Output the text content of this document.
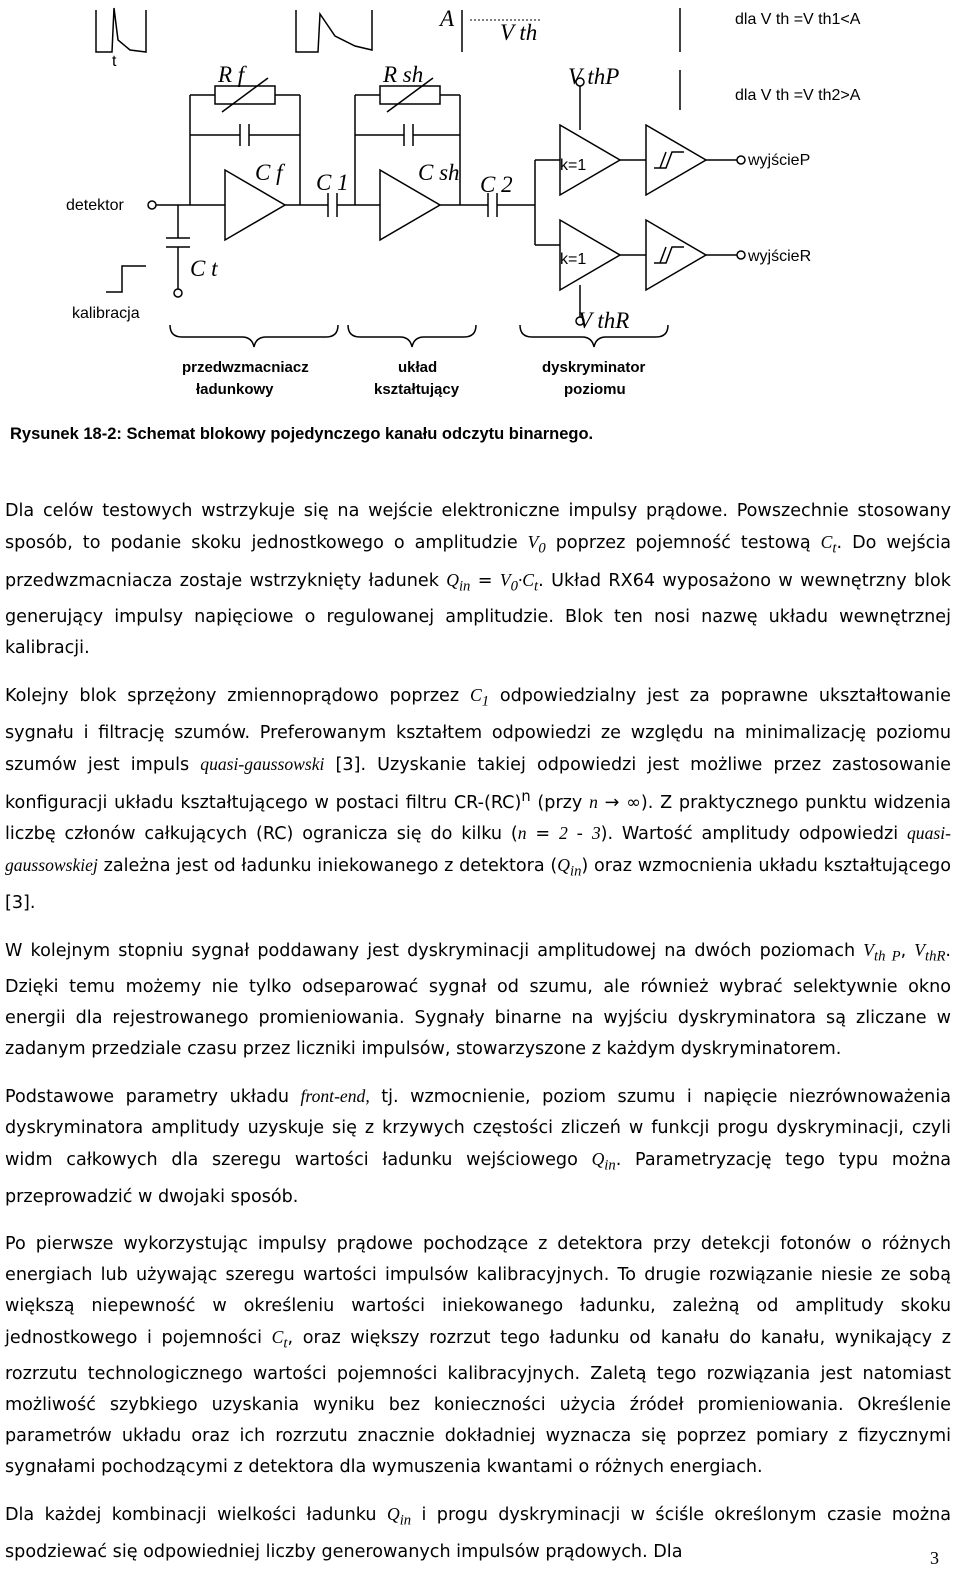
t
A
V th
dla V th =V th1<A
dla V th =V th2>A
R f	R sh	V thP
C f C 1	C sh C 2
C t
k=1
k=1
V thR
detektor
kalibracja
wyjścieP
wyjścieR
przedwzmacniacz
ładunkowy
układ
kształtujący
dyskryminator
poziomu
Rysunek 18-2: Schemat blokowy pojedynczego kanału odczytu binarnego.

Dla celów testowych wstrzykuje się na wejście elektroniczne impulsy prądowe. Powszechnie stosowany sposób, to podanie skoku jednostkowego o amplitudzie $V_0$ poprzez pojemność testową $C_t$. Do wejścia przedwzmacniacza zostaje wstrzyknięty ładunek $Q_{in} = V_0\cdot C_t$. Układ RX64 wyposażono w wewnętrzny blok generujący impulsy napięciowe o regulowanej amplitudzie. Blok ten nosi nazwę układu wewnętrznej kalibracji.

Kolejny blok sprzężony zmiennoprądowo poprzez $C_1$ odpowiedzialny jest za poprawne ukształtowanie sygnału i filtrację szumów. Preferowanym kształtem odpowiedzi ze względu na minimalizację poziomu szumów jest impuls quasi-gaussowski [3]. Uzyskanie takiej odpowiedzi jest możliwe przez zastosowanie konfiguracji układu kształtującego w postaci filtru CR-(RC)$^n$ (przy n → ∞). Z praktycznego punktu widzenia liczbę członów całkujących (RC) ogranicza się do kilku (n = 2 - 3). Wartość amplitudy odpowiedzi quasi-gaussowskiej zależna jest od ładunku iniekowanego z detektora $(Q_{in})$ oraz wzmocnienia układu kształtującego [3].

W kolejnym stopniu sygnał poddawany jest dyskryminacji amplitudowej na dwóch poziomach $V_{th P}$, $V_{thR}$. Dzięki temu możemy nie tylko odseparować sygnał od szumu, ale również wybrać selektywnie okno energii dla rejestrowanego promieniowania. Sygnały binarne na wyjściu dyskryminatora są zliczane w zadanym przedziale czasu przez liczniki impulsów, stowarzyszone z każdym dyskryminatorem.

Podstawowe parametry układu front-end, tj. wzmocnienie, poziom szumu i napięcie niezrównoważenia dyskryminatora amplitudy uzyskuje się z krzywych częstości zliczeń w funkcji progu dyskryminacji, czyli widm całkowych dla szeregu wartości ładunku wejściowego $Q_{in}$. Parametryzację tego typu można przeprowadzić w dwojaki sposób.

Po pierwsze wykorzystując impulsy prądowe pochodzące z detektora przy detekcji fotonów o różnych energiach lub używając szeregu wartości impulsów kalibracyjnych. To drugie rozwiązanie niesie ze sobą większą niepewność w określeniu wartości iniekowanego ładunku, zależną od amplitudy skoku jednostkowego i pojemności $C_t$, oraz większy rozrzut tego ładunku od kanału do kanału, wynikający z rozrzutu technologicznego wartości pojemności kalibracyjnych. Zaletą tego rozwiązania jest natomiast możliwość szybkiego uzyskania wyniku bez konieczności użycia źródeł promieniowania. Określenie parametrów układu oraz ich rozrzutu znacznie dokładniej wyznacza się poprzez pomiary z fizycznymi sygnałami pochodzącymi z detektora dla wymuszenia kwantami o różnych energiach.

Dla każdej kombinacji wielkości ładunku $Q_{in}$ i progu dyskryminacji w ściśle określonym czasie można spodziewać się odpowiedniej liczby generowanych impulsów prądowych. Dla	3
